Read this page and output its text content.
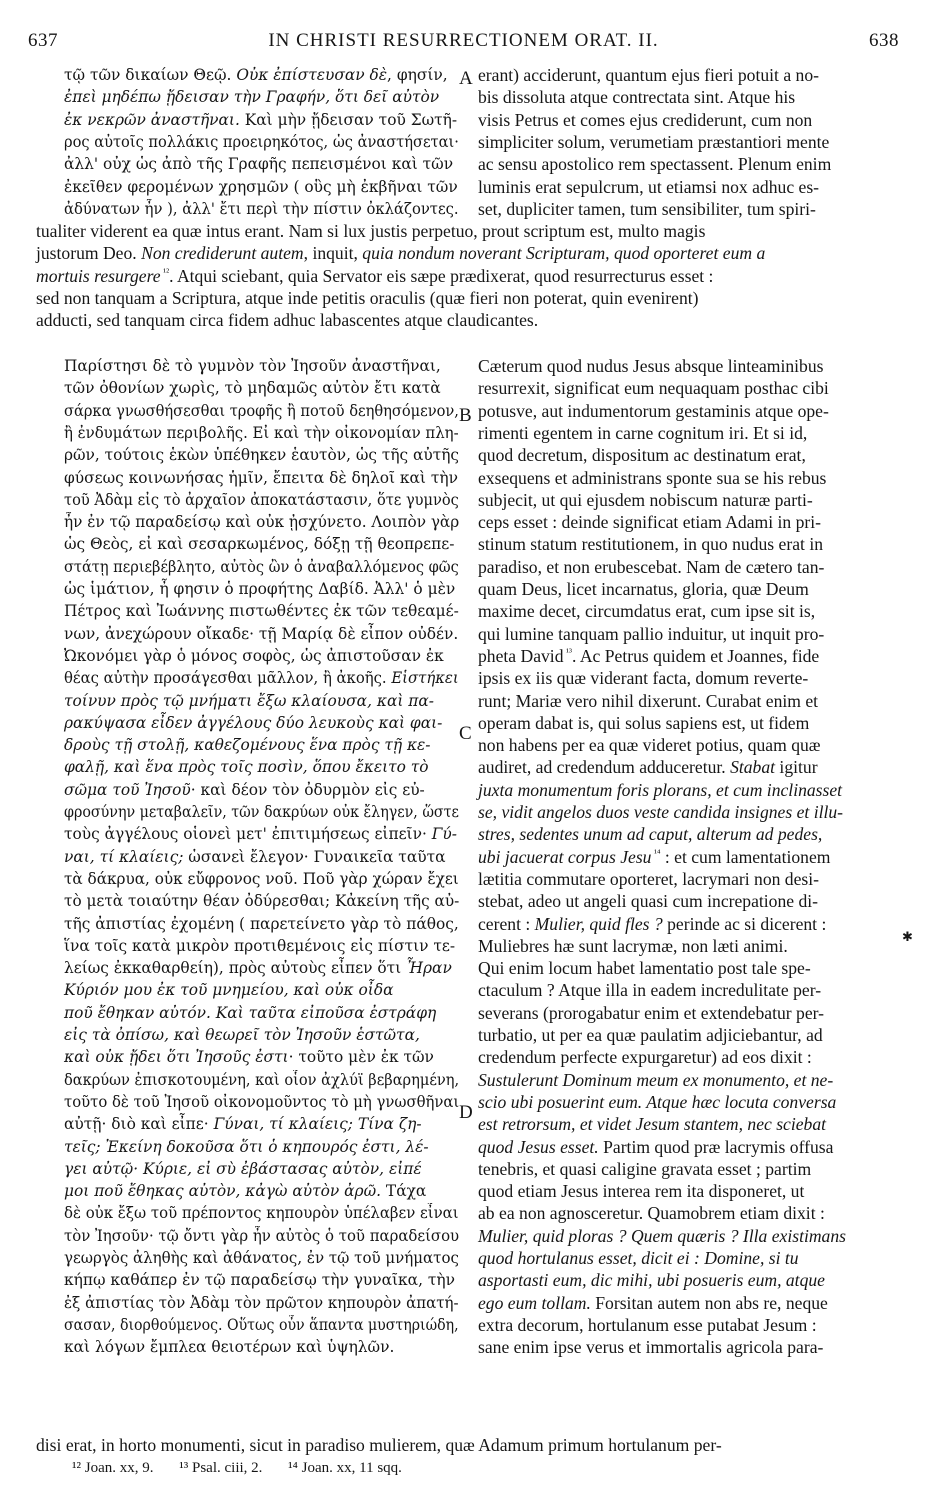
637	IN CHRISTI RESURRECTIONEM ORAT. II.	638
τῷ τῶν δικαίων Θεῷ. Οὐκ ἐπίστευσαν δὲ, φησίν,
ἐπεὶ μηδέπω ᾔδεισαν τὴν Γραφήν, ὅτι δεῖ αὐτὸν
ἐκ νεκρῶν ἀναστῆναι. Καὶ μὴν ᾔδεισαν τοῦ Σωτῆ-
ρος αὐτοῖς πολλάκις προειρηκότος, ὡς ἀναστήσεται·
ἀλλ' οὐχ ὡς ἀπὸ τῆς Γραφῆς πεπεισμένοι καὶ τῶν
ἐκεῖθεν φερομένων χρησμῶν ( οὓς μὴ ἐκβῆναι τῶν
ἀδύνατων ἦν ), ἀλλ' ἔτι περὶ τὴν πίστιν ὀκλάζοντες.
erant) acciderunt, quantum ejus fieri potuit a no-
bis dissoluta atque contrectata sint. Atque his
visis Petrus et comes ejus crediderunt, cum non
simpliciter solum, verumetiam præstantiori mente
ac sensu apostolico rem spectassent. Plenum enim
luminis erat sepulcrum, ut etiamsi nox adhuc es-
set, dupliciter tamen, tum sensibiliter, tum spiri-
tualiter viderent ea quæ intus erant. Nam si lux justis perpetuo, prout scriptum est, multo magis
justorum Deo. Non crediderunt autem, inquit, quia nondum noverant Scripturam, quod oporteret eum a
mortuis resurgere $^{^{12}}$. Atqui sciebant, quia Servator eis sæpe prædixerat, quod resurrecturus esset :
sed non tanquam a Scriptura, atque inde petitis oraculis (quæ fieri non poterat, quin evenirent)
adducti, sed tanquam circa fidem adhuc labascentes atque claudicantes.
Παρίστησι δὲ τὸ γυμνὸν τὸν Ἰησοῦν ἀναστῆναι,
τῶν ὀθονίων χωρὶς, τὸ μηδαμῶς αὐτὸν ἔτι κατὰ
σάρκα γνωσθήσεσθαι τροφῆς ἢ ποτοῦ δεηθησόμενον,
ἢ ἐνδυμάτων περιβολῆς. Εἰ καὶ τὴν οἰκονομίαν πλη-
ρῶν, τούτοις ἑκὼν ὑπέθηκεν ἑαυτὸν, ὡς τῆς αὐτῆς
φύσεως κοινωνήσας ἡμῖν, ἔπειτα δὲ δηλοῖ καὶ τὴν
τοῦ Ἀδὰμ εἰς τὸ ἀρχαῖον ἀποκατάστασιν, ὅτε γυμνὸς
ἦν ἐν τῷ παραδείσῳ καὶ οὐκ ᾐσχύνετο. Λοιπὸν γὰρ
ὡς Θεὸς, εἰ καὶ σεσαρκωμένος, δόξῃ τῇ θεοπρεπε-
στάτῃ περιεβέβλητο, αὐτὸς ὢν ὁ ἀναβαλλόμενος φῶς
ὡς ἱμάτιον, ἦ φησιν ὁ προφήτης Δαβίδ. Ἀλλ' ὁ μὲν
Πέτρος καὶ Ἰωάννης πιστωθέντες ἐκ τῶν τεθεαμέ-
νων, ἀνεχώρουν οἴκαδε· τῇ Μαρίᾳ δὲ εἶπον οὐδέν.
Ὠκονόμει γὰρ ὁ μόνος σοφὸς, ὡς ἀπιστοῦσαν ἐκ
θέας αὐτὴν προσάγεσθαι μᾶλλον, ἢ ἀκοῆς. Εἱστήκει
τοίνυν πρὸς τῷ μνήματι ἔξω κλαίουσα, καὶ πα-
ρακύψασα εἶδεν ἀγγέλους δύο λευκοὺς καὶ φαι-
δροὺς τῇ στολῇ, καθεζομένους ἕνα πρὸς τῇ κε-
φαλῇ, καὶ ἕνα πρὸς τοῖς ποσὶν, ὅπου ἔκειτο τὸ
σῶμα τοῦ Ἰησοῦ· καὶ δέον τὸν ὀδυρμὸν εἰς εὐ-
φροσύνην μεταβαλεῖν, τῶν δακρύων οὐκ ἔληγεν, ὥστε
τοὺς ἀγγέλους οἱονεὶ μετ' ἐπιτιμήσεως εἰπεῖν· Γύ-
ναι, τί κλαίεις; ὡσανεὶ ἔλεγον· Γυναικεῖα ταῦτα
τὰ δάκρυα, οὐκ εὔφρονος νοῦ. Ποῦ γὰρ χώραν ἔχει
τὸ μετὰ τοιαύτην θέαν ὀδύρεσθαι; Κἀκείνη τῆς αὐ-
τῆς ἀπιστίας ἐχομένη ( παρετείνετο γὰρ τὸ πάθος,
ἵνα τοῖς κατὰ μικρὸν προτιθεμένοις εἰς πίστιν τε-
λείως ἐκκαθαρθείη), πρὸς αὐτοὺς εἶπεν ὅτι Ἦραν
Κύριόν μου ἐκ τοῦ μνημείου, καὶ οὐκ οἶδα
ποῦ ἔθηκαν αὐτόν. Καὶ ταῦτα εἰποῦσα ἐστράφη
εἰς τὰ ὀπίσω, καὶ θεωρεῖ τὸν Ἰησοῦν ἑστῶτα,
καὶ οὐκ ᾔδει ὅτι Ἰησοῦς ἐστι· τοῦτο μὲν ἐκ τῶν
δακρύων ἐπισκοτουμένη, καὶ οἷον ἀχλύϊ βεβαρημένη,
τοῦτο δὲ τοῦ Ἰησοῦ οἰκονομοῦντος τὸ μὴ γνωσθῆναι
αὐτῇ· διὸ καὶ εἶπε· Γύναι, τί κλαίεις; Τίνα ζη-
τεῖς; Ἐκείνη δοκοῦσα ὅτι ὁ κηπουρός ἐστι, λέ-
γει αὐτῷ· Κύριε, εἰ σὺ ἐβάστασας αὐτὸν, εἰπέ
μοι ποῦ ἔθηκας αὐτὸν, κἀγὼ αὐτὸν ἀρῶ. Τάχα
δὲ οὐκ ἔξω τοῦ πρέποντος κηπουρὸν ὑπέλαβεν εἶναι
τὸν Ἰησοῦν· τῷ ὄντι γὰρ ἦν αὐτὸς ὁ τοῦ παραδείσου
γεωργὸς ἀληθὴς καὶ ἀθάνατος, ἐν τῷ τοῦ μνήματος
κήπῳ καθάπερ ἐν τῷ παραδείσῳ τὴν γυναῖκα, τὴν
ἐξ ἀπιστίας τὸν Ἀδὰμ τὸν πρῶτον κηπουρὸν ἀπατή-
σασαν, διορθούμενος. Οὕτως οὖν ἅπαντα μυστηριώδη,
καὶ λόγων ἔμπλεα θειοτέρων καὶ ὑψηλῶν.
Cæterum quod nudus Jesus absque linteaminibus
resurrexit, significat eum nequaquam posthac cibi
potusve, aut indumentorum gestaminis atque ope-
rimenti egentem in carne cognitum iri. Et si id,
quod decretum, dispositum ac destinatum erat,
exsequens et administrans sponte sua se his rebus
subjecit, ut qui ejusdem nobiscum naturæ parti-
ceps esset : deinde significat etiam Adami in pri-
stinum statum restitutionem, in quo nudus erat in
paradiso, et non erubescebat. Nam de cætero tan-
quam Deus, licet incarnatus, gloria, quæ Deum
maxime decet, circumdatus erat, cum ipse sit is,
qui lumine tanquam pallio induitur, ut inquit pro-
pheta David $^{^{13}}$. Ac Petrus quidem et Joannes, fide
ipsis ex iis quæ viderant facta, domum reverte-
runt; Mariæ vero nihil dixerunt. Curabat enim et
operam dabat is, qui solus sapiens est, ut fidem
non habens per ea quæ videret potius, quam quæ
audiret, ad credendum adduceretur. Stabat igitur
juxta monumentum foris plorans, et cum inclinasset
se, vidit angelos duos veste candida insignes et illu-
stres, sedentes unum ad caput, alterum ad pedes,
ubi jacuerat corpus Jesu $^{^{14}}$ : et cum lamentationem
lætitia commutare oporteret, lacrymari non desi-
stebat, adeo ut angeli quasi cum increpatione di-
cerent : Mulier, quid fles ? perinde ac si dicerent :
Muliebres hæ sunt lacrymæ, non læti animi.
Qui enim locum habet lamentatio post tale spe-
ctaculum ? Atque illa in eadem incredulitate per-
severans (prorogabatur enim et extendebatur per-
turbatio, ut per ea quæ paulatim adjiciebantur, ad
credendum perfecte expurgaretur) ad eos dixit :
Sustulerunt Dominum meum ex monumento, et ne-
scio ubi posuerint eum. Atque hæc locuta conversa
est retrorsum, et videt Jesum stantem, nec sciebat
quod Jesus esset. Partim quod præ lacrymis offusa
tenebris, et quasi caligine gravata esset ; partim
quod etiam Jesus interea rem ita disponeret, ut
ab ea non agnosceretur. Quamobrem etiam dixit :
Mulier, quid ploras ? Quem quæris ? Illa existimans
quod hortulanus esset, dicit ei : Domine, si tu
asportasti eum, dic mihi, ubi posueris eum, atque
ego eum tollam. Forsitan autem non abs re, neque
extra decorum, hortulanum esse putabat Jesum :
sane enim ipse verus et immortalis agricola para-
disi erat, in horto monumenti, sicut in paradiso mulierem, quæ Adamum primum hortulanum per-
A
B
C
D
✱
¹² Joan. xx, 9. ¹³ Psal. ciii, 2. ¹⁴ Joan. xx, 11 sqq.
